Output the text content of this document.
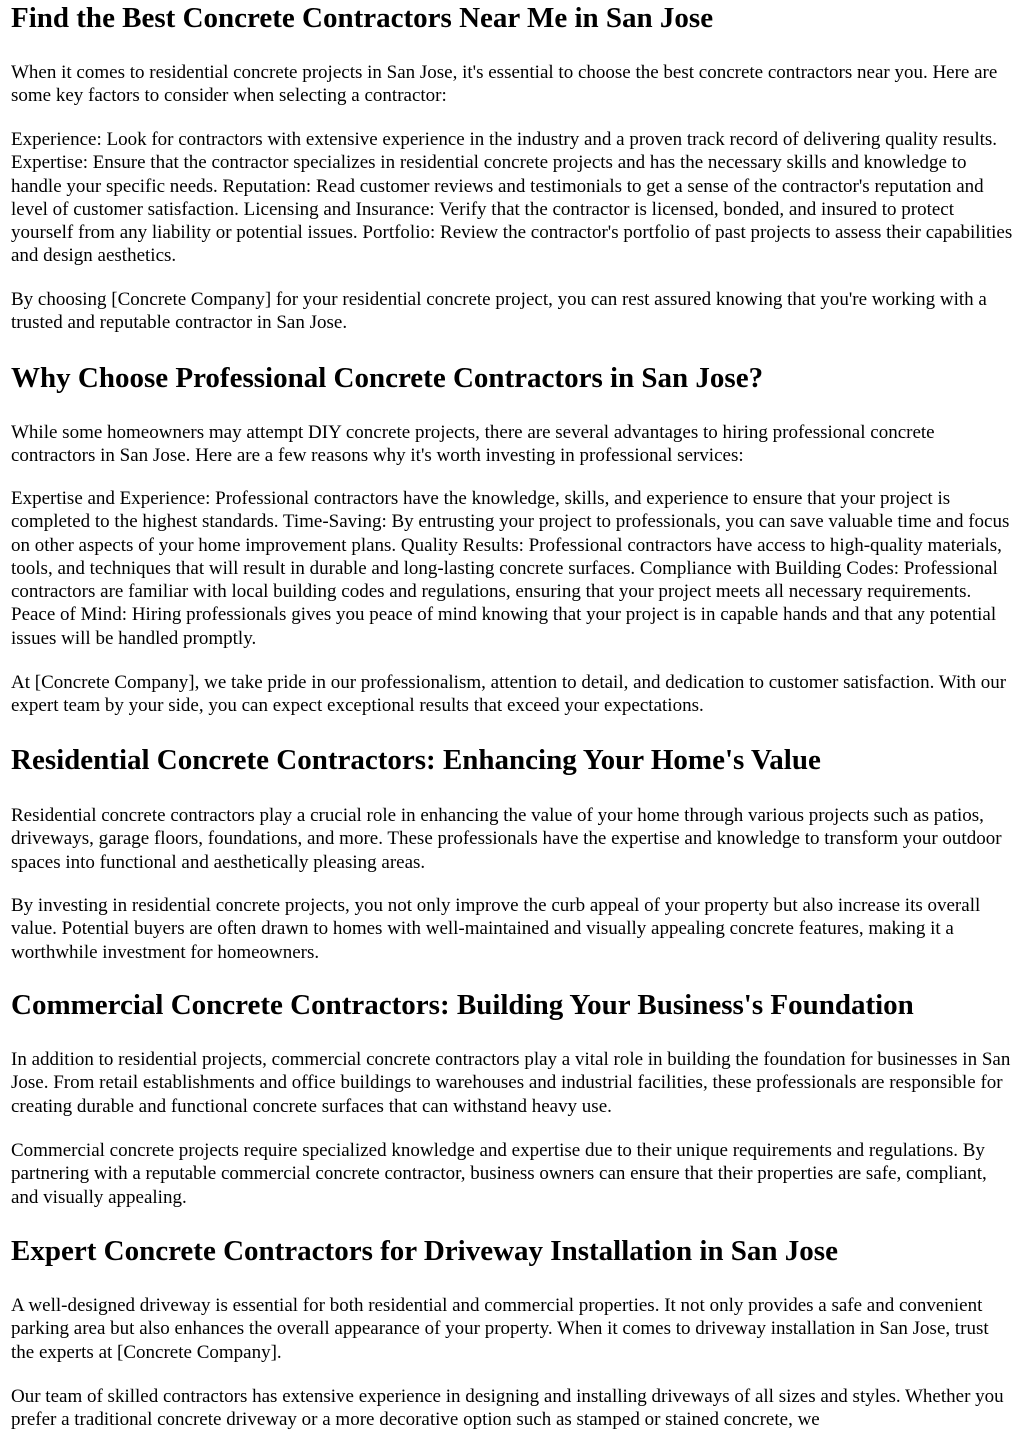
Find the Best Concrete Contractors Near Me in San Jose

When it comes to residential concrete projects in San Jose, it's essential to choose the best concrete contractors near you. Here are some key factors to consider when selecting a contractor:

Experience: Look for contractors with extensive experience in the industry and a proven track record of delivering quality results. Expertise: Ensure that the contractor specializes in residential concrete projects and has the necessary skills and knowledge to handle your specific needs. Reputation: Read customer reviews and testimonials to get a sense of the contractor's reputation and level of customer satisfaction. Licensing and Insurance: Verify that the contractor is licensed, bonded, and insured to protect yourself from any liability or potential issues. Portfolio: Review the contractor's portfolio of past projects to assess their capabilities and design aesthetics.

By choosing [Concrete Company] for your residential concrete project, you can rest assured knowing that you're working with a trusted and reputable contractor in San Jose.

Why Choose Professional Concrete Contractors in San Jose?

While some homeowners may attempt DIY concrete projects, there are several advantages to hiring professional concrete contractors in San Jose. Here are a few reasons why it's worth investing in professional services:

Expertise and Experience: Professional contractors have the knowledge, skills, and experience to ensure that your project is completed to the highest standards. Time-Saving: By entrusting your project to professionals, you can save valuable time and focus on other aspects of your home improvement plans. Quality Results: Professional contractors have access to high-quality materials, tools, and techniques that will result in durable and long-lasting concrete surfaces. Compliance with Building Codes: Professional contractors are familiar with local building codes and regulations, ensuring that your project meets all necessary requirements. Peace of Mind: Hiring professionals gives you peace of mind knowing that your project is in capable hands and that any potential issues will be handled promptly.

At [Concrete Company], we take pride in our professionalism, attention to detail, and dedication to customer satisfaction. With our expert team by your side, you can expect exceptional results that exceed your expectations.

Residential Concrete Contractors: Enhancing Your Home's Value

Residential concrete contractors play a crucial role in enhancing the value of your home through various projects such as patios, driveways, garage floors, foundations, and more. These professionals have the expertise and knowledge to transform your outdoor spaces into functional and aesthetically pleasing areas.

By investing in residential concrete projects, you not only improve the curb appeal of your property but also increase its overall value. Potential buyers are often drawn to homes with well-maintained and visually appealing concrete features, making it a worthwhile investment for homeowners.

Commercial Concrete Contractors: Building Your Business's Foundation

In addition to residential projects, commercial concrete contractors play a vital role in building the foundation for businesses in San Jose. From retail establishments and office buildings to warehouses and industrial facilities, these professionals are responsible for creating durable and functional concrete surfaces that can withstand heavy use.

Commercial concrete projects require specialized knowledge and expertise due to their unique requirements and regulations. By partnering with a reputable commercial concrete contractor, business owners can ensure that their properties are safe, compliant, and visually appealing.

Expert Concrete Contractors for Driveway Installation in San Jose

A well-designed driveway is essential for both residential and commercial properties. It not only provides a safe and convenient parking area but also enhances the overall appearance of your property. When it comes to driveway installation in San Jose, trust the experts at [Concrete Company].

Our team of skilled contractors has extensive experience in designing and installing driveways of all sizes and styles. Whether you prefer a traditional concrete driveway or a more decorative option such as stamped or stained concrete, we
